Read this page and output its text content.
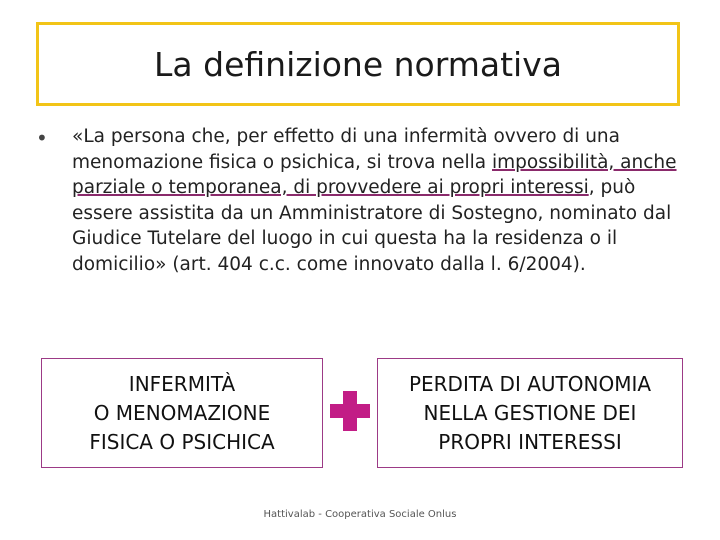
La definizione normativa
• «La persona che, per effetto di una infermità ovvero di una menomazione fisica o psichica, si trova nella impossibilità, anche parziale o temporanea, di provvedere ai propri interessi, può essere assistita da un Amministratore di Sostegno, nominato dal Giudice Tutelare del luogo in cui questa ha la residenza o il domicilio» (art. 404 c.c. come innovato dalla l. 6/2004).
INFERMITÀ
O MENOMAZIONE
FISICA O PSICHICA
PERDITA DI AUTONOMIA
NELLA GESTIONE DEI
PROPRI INTERESSI
Hattivalab - Cooperativa Sociale Onlus
